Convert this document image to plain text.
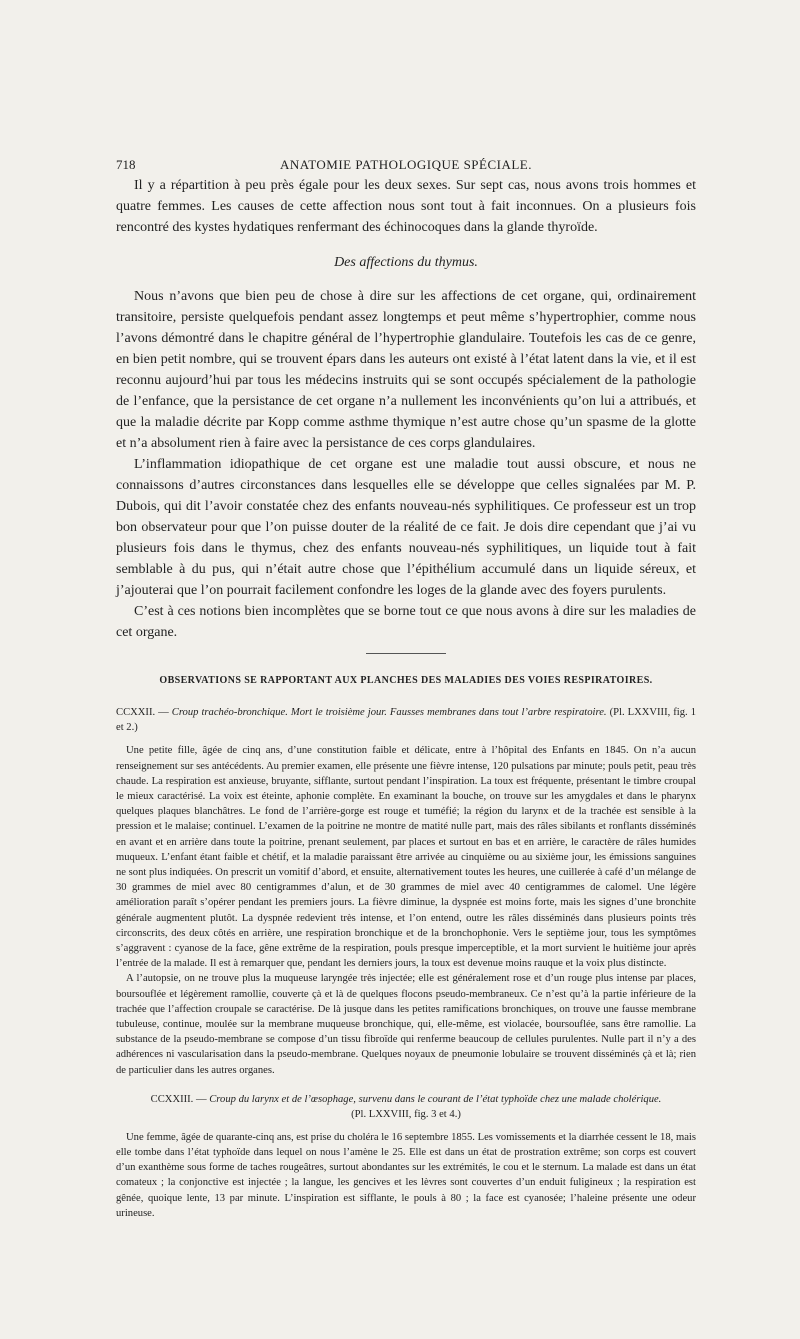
718	ANATOMIE PATHOLOGIQUE SPÉCIALE.

Il y a répartition à peu près égale pour les deux sexes. Sur sept cas, nous avons trois hommes et quatre femmes. Les causes de cette affection nous sont tout à fait inconnues. On a plusieurs fois rencontré des kystes hydatiques renfermant des échinocoques dans la glande thyroïde.

Des affections du thymus.

Nous n’avons que bien peu de chose à dire sur les affections de cet organe, qui, ordinairement transitoire, persiste quelquefois pendant assez longtemps et peut même s’hypertrophier, comme nous l’avons démontré dans le chapitre général de l’hypertrophie glandulaire. Toutefois les cas de ce genre, en bien petit nombre, qui se trouvent épars dans les auteurs ont existé à l’état latent dans la vie, et il est reconnu aujourd’hui par tous les médecins instruits qui se sont occupés spécialement de la pathologie de l’enfance, que la persistance de cet organe n’a nullement les inconvénients qu’on lui a attribués, et que la maladie décrite par Kopp comme asthme thymique n’est autre chose qu’un spasme de la glotte et n’a absolument rien à faire avec la persistance de ces corps glandulaires.

L’inflammation idiopathique de cet organe est une maladie tout aussi obscure, et nous ne connaissons d’autres circonstances dans lesquelles elle se développe que celles signalées par M. P. Dubois, qui dit l’avoir constatée chez des enfants nouveau-nés syphilitiques. Ce professeur est un trop bon observateur pour que l’on puisse douter de la réalité de ce fait. Je dois dire cependant que j’ai vu plusieurs fois dans le thymus, chez des enfants nouveau-nés syphilitiques, un liquide tout à fait semblable à du pus, qui n’était autre chose que l’épithélium accumulé dans un liquide séreux, et j’ajouterai que l’on pourrait facilement confondre les loges de la glande avec des foyers purulents.

C’est à ces notions bien incomplètes que se borne tout ce que nous avons à dire sur les maladies de cet organe.

OBSERVATIONS SE RAPPORTANT AUX PLANCHES DES MALADIES DES VOIES RESPIRATOIRES.
CCXXII. — Croup trachéo-bronchique. Mort le troisième jour. Fausses membranes dans tout l’arbre respiratoire. (Pl. LXXVIII, fig. 1 et 2.)

Une petite fille, âgée de cinq ans, d’une constitution faible et délicate, entre à l’hôpital des Enfants en 1845. On n’a aucun renseignement sur ses antécédents. Au premier examen, elle présente une fièvre intense, 120 pulsations par minute; pouls petit, peau très chaude. La respiration est anxieuse, bruyante, sifflante, surtout pendant l’inspiration. La toux est fréquente, présentant le timbre croupal le mieux caractérisé. La voix est éteinte, aphonie complète. En examinant la bouche, on trouve sur les amygdales et dans le pharynx quelques plaques blanchâtres. Le fond de l’arrière-gorge est rouge et tuméfié; la région du larynx et de la trachée est sensible à la pression et le malaise; continuel. L’examen de la poitrine ne montre de matité nulle part, mais des râles sibilants et ronflants disséminés en avant et en arrière dans toute la poitrine, prenant seulement, par places et surtout en bas et en arrière, le caractère de râles humides muqueux. L’enfant étant faible et chétif, et la maladie paraissant être arrivée au cinquième ou au sixième jour, les émissions sanguines ne sont plus indiquées. On prescrit un vomitif d’abord, et ensuite, alternativement toutes les heures, une cuillerée à café d’un mélange de 30 grammes de miel avec 80 centigrammes d’alun, et de 30 grammes de miel avec 40 centigrammes de calomel. Une légère amélioration paraît s’opérer pendant les premiers jours. La fièvre diminue, la dyspnée est moins forte, mais les signes d’une bronchite générale augmentent plutôt. La dyspnée redevient très intense, et l’on entend, outre les râles disséminés dans plusieurs points très circonscrits, des deux côtés en arrière, une respiration bronchique et de la bronchophonie. Vers le septième jour, tous les symptômes s’aggravent : cyanose de la face, gêne extrême de la respiration, pouls presque imperceptible, et la mort survient le huitième jour après l’entrée de la malade. Il est à remarquer que, pendant les derniers jours, la toux est devenue moins rauque et la voix plus distincte.

A l’autopsie, on ne trouve plus la muqueuse laryngée très injectée; elle est généralement rose et d’un rouge plus intense par places, boursouflée et légèrement ramollie, couverte çà et là de quelques flocons pseudo-membraneux. Ce n’est qu’à la partie inférieure de la trachée que l’affection croupale se caractérise. De là jusque dans les petites ramifications bronchiques, on trouve une fausse membrane tubuleuse, continue, moulée sur la membrane muqueuse bronchique, qui, elle-même, est violacée, boursouflée, sans être ramollie. La substance de la pseudo-membrane se compose d’un tissu fibroïde qui renferme beaucoup de cellules purulentes. Nulle part il n’y a des adhérences ni vascularisation dans la pseudo-membrane. Quelques noyaux de pneumonie lobulaire se trouvent disséminés çà et là; rien de particulier dans les autres organes.

CCXXIII. — Croup du larynx et de l’œsophage, survenu dans le courant de l’état typhoïde chez une malade cholérique.
(Pl. LXXVIII, fig. 3 et 4.)

Une femme, âgée de quarante-cinq ans, est prise du choléra le 16 septembre 1855. Les vomissements et la diarrhée cessent le 18, mais elle tombe dans l’état typhoïde dans lequel on nous l’amène le 25. Elle est dans un état de prostration extrême; son corps est couvert d’un exanthème sous forme de taches rougeâtres, surtout abondantes sur les extrémités, le cou et le sternum. La malade est dans un état comateux ; la conjonctive est injectée ; la langue, les gencives et les lèvres sont couvertes d’un enduit fuligineux ; la respiration est gênée, quoique lente, 13 par minute. L’inspiration est sifflante, le pouls à 80 ; la face est cyanosée; l’haleine présente une odeur urineuse.
